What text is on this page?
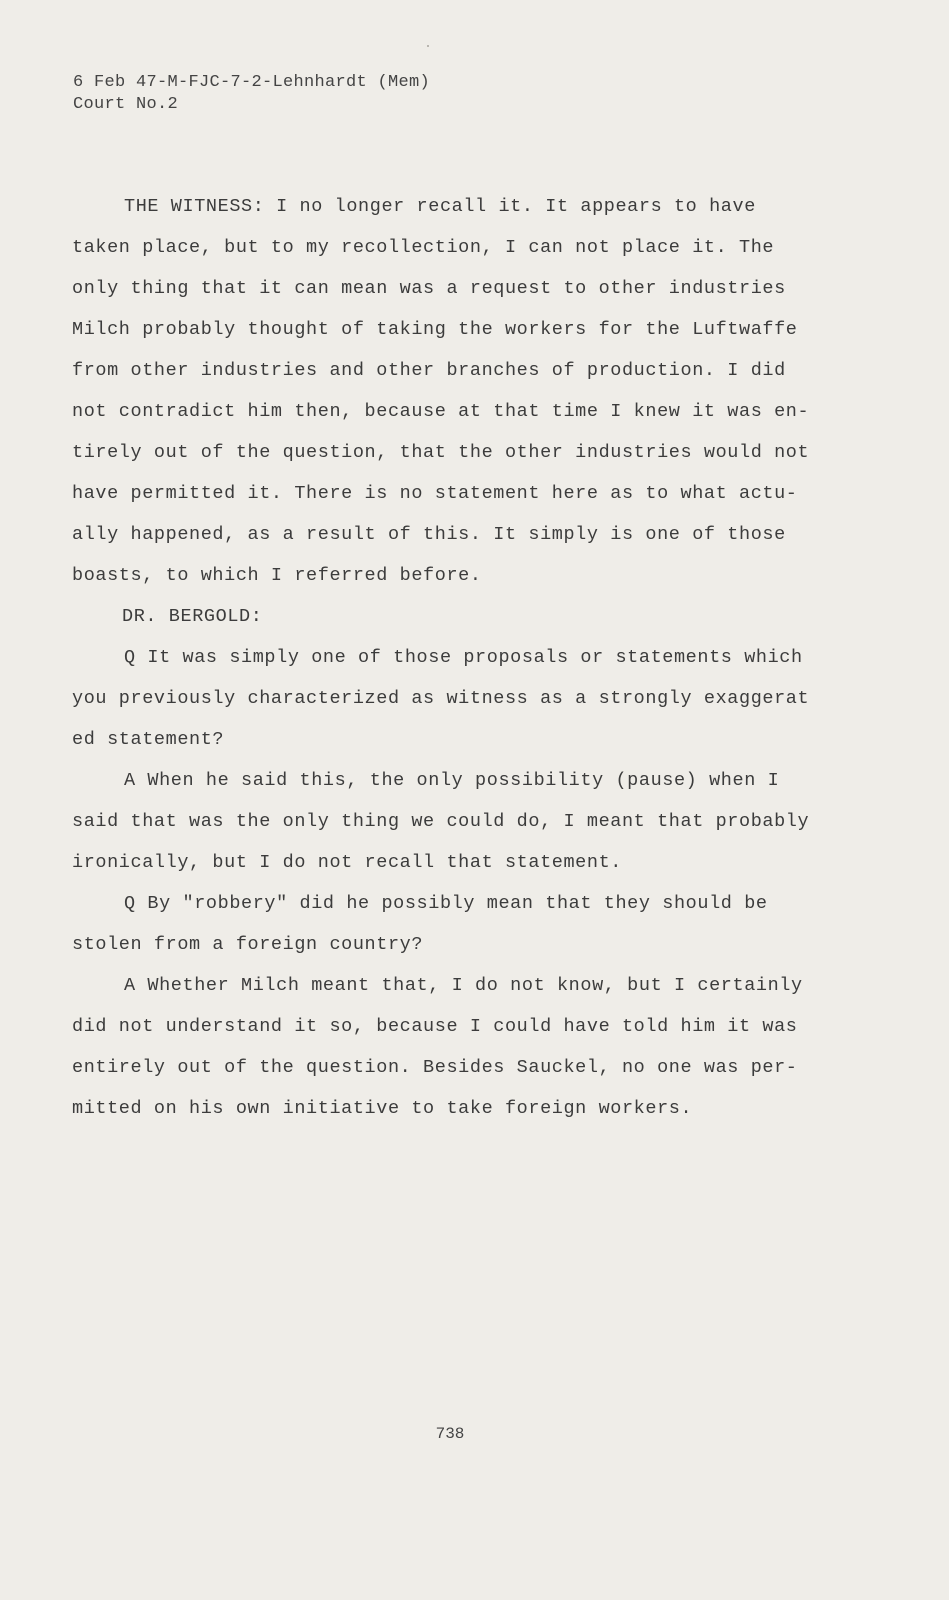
6 Feb 47-M-FJC-7-2-Lehnhardt (Mem)
Court No.2
THE WITNESS: I no longer recall it. It appears to have
taken place, but to my recollection, I can not place it. The
only thing that it can mean was a request to other industries
Milch probably thought of taking the workers for the Luftwaffe
from other industries and other branches of production. I did
not contradict him then, because at that time I knew it was en-
tirely out of the question, that the other industries would not
have permitted it. There is no statement here as to what actu-
ally happened, as a result of this. It simply is one of those
boasts, to which I referred before.
DR. BERGOLD:
Q It was simply one of those proposals or statements which
you previously characterized as witness as a strongly exaggerat
ed statement?
A When he said this, the only possibility (pause) when I
said that was the only thing we could do, I meant that probably
ironically, but I do not recall that statement.
Q By "robbery" did he possibly mean that they should be
stolen from a foreign country?
A Whether Milch meant that, I do not know, but I certainly
did not understand it so, because I could have told him it was
entirely out of the question. Besides Sauckel, no one was per-
mitted on his own initiative to take foreign workers.
738
